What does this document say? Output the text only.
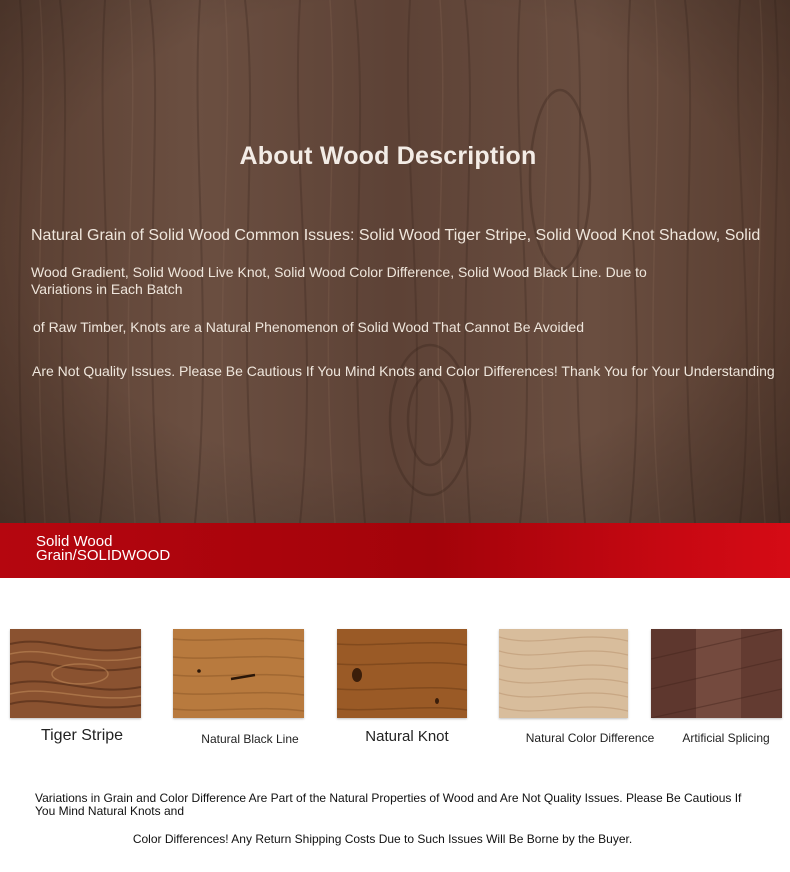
About Wood Description
Natural Grain of Solid Wood Common Issues: Solid Wood Tiger Stripe, Solid Wood Knot Shadow, Solid
Wood Gradient, Solid Wood Live Knot, Solid Wood Color Difference, Solid Wood Black Line. Due to Variations in Each Batch
of Raw Timber, Knots are a Natural Phenomenon of Solid Wood That Cannot Be Avoided
Are Not Quality Issues. Please Be Cautious If You Mind Knots and Color Differences! Thank You for Your Understanding
Solid Wood Grain/SOLIDWOOD
Tiger Stripe	Natural Black Line	Natural Knot	Natural Color Difference	Artificial Splicing
Variations in Grain and Color Difference Are Part of the Natural Properties of Wood and Are Not Quality Issues. Please Be Cautious If You Mind Natural Knots and
Color Differences! Any Return Shipping Costs Due to Such Issues Will Be Borne by the Buyer.
